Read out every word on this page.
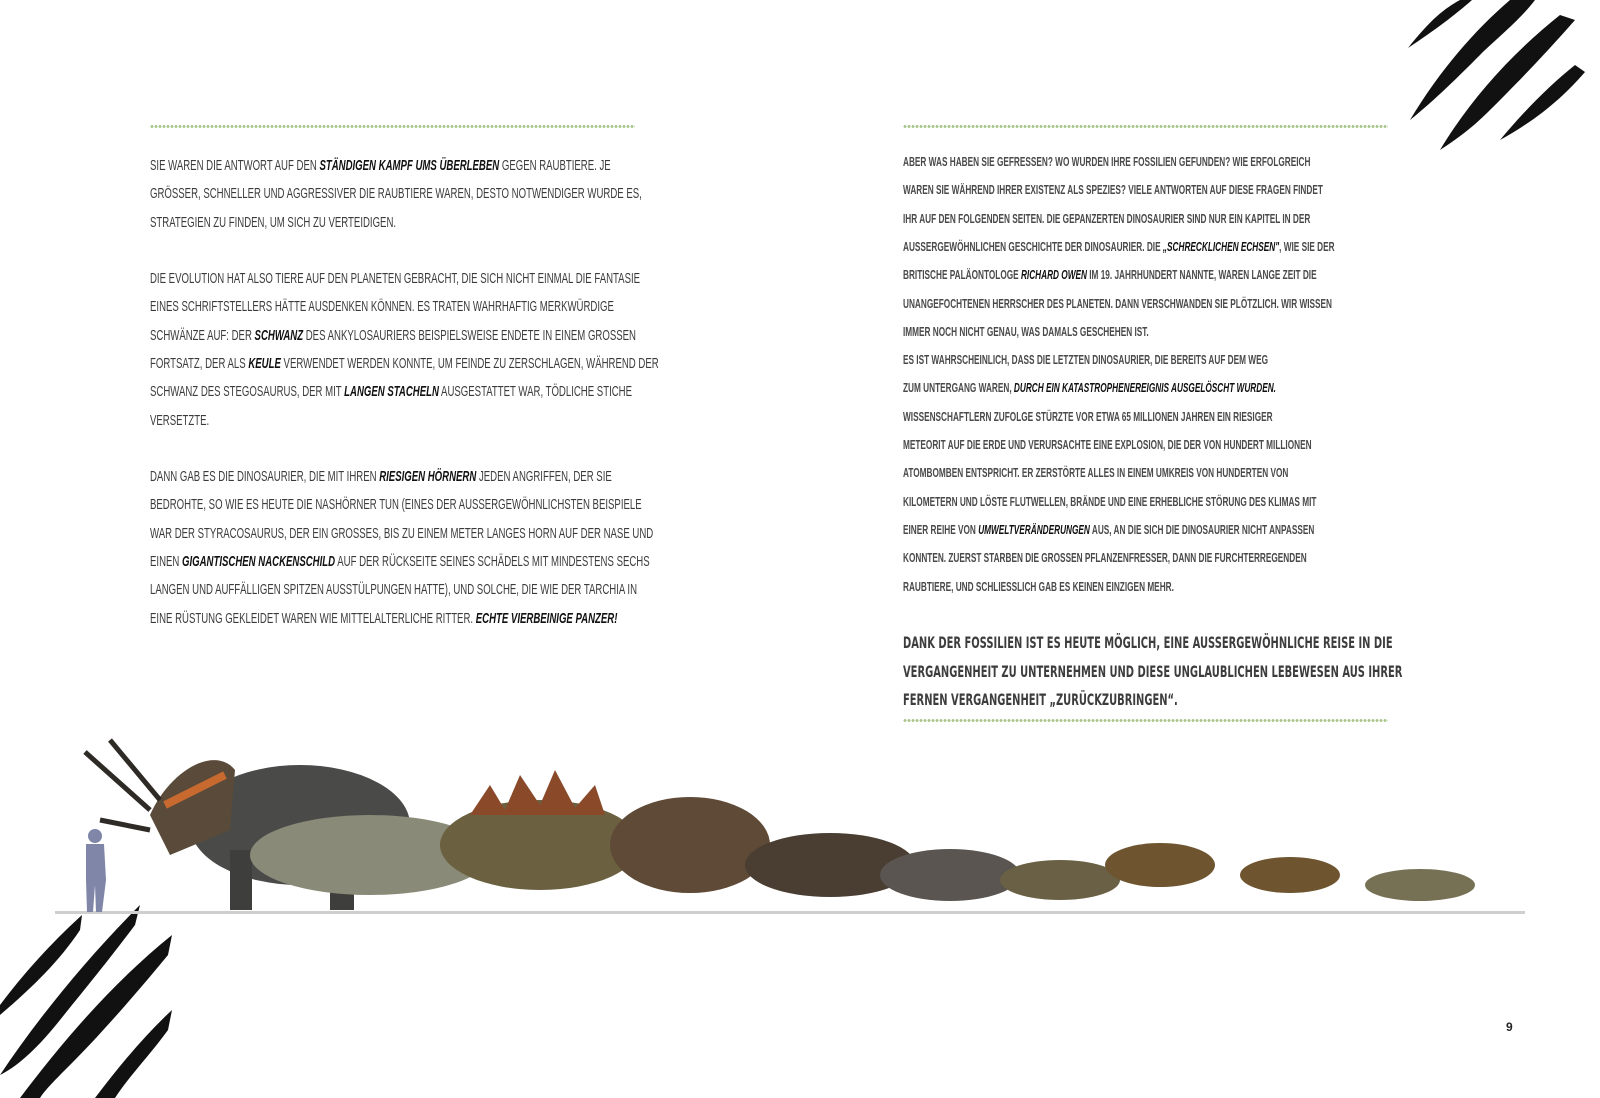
SIE WAREN DIE ANTWORT AUF DEN STÄNDIGEN KAMPF UMS ÜBERLEBEN GEGEN RAUBTIERE. JE
GRÖSSER, SCHNELLER UND AGGRESSIVER DIE RAUBTIERE WAREN, DESTO NOTWENDIGER WURDE ES,
STRATEGIEN ZU FINDEN, UM SICH ZU VERTEIDIGEN.
DIE EVOLUTION HAT ALSO TIERE AUF DEN PLANETEN GEBRACHT, DIE SICH NICHT EINMAL DIE FANTASIE
EINES SCHRIFTSTELLERS HÄTTE AUSDENKEN KÖNNEN. ES TRATEN WAHRHAFTIG MERKWÜRDIGE
SCHWÄNZE AUF: DER SCHWANZ DES ANKYLOSAURIERS BEISPIELSWEISE ENDETE IN EINEM GROSSEN
FORTSATZ, DER ALS KEULE VERWENDET WERDEN KONNTE, UM FEINDE ZU ZERSCHLAGEN, WÄHREND DER
SCHWANZ DES STEGOSAURUS, DER MIT LANGEN STACHELN AUSGESTATTET WAR, TÖDLICHE STICHE
VERSETZTE.
DANN GAB ES DIE DINOSAURIER, DIE MIT IHREN RIESIGEN HÖRNERN JEDEN ANGRIFFEN, DER SIE
BEDROHTE, SO WIE ES HEUTE DIE NASHÖRNER TUN (EINES DER AUSSERGEWÖHNLICHSTEN BEISPIELE
WAR DER STYRACOSAURUS, DER EIN GROSSES, BIS ZU EINEM METER LANGES HORN AUF DER NASE UND
EINEN GIGANTISCHEN NACKENSCHILD AUF DER RÜCKSEITE SEINES SCHÄDELS MIT MINDESTENS SECHS
LANGEN UND AUFFÄLLIGEN SPITZEN AUSSTÜLPUNGEN HATTE), UND SOLCHE, DIE WIE DER TARCHIA IN
EINE RÜSTUNG GEKLEIDET WAREN WIE MITTELALTERLICHE RITTER. ECHTE VIERBEINIGE PANZER!
ABER WAS HABEN SIE GEFRESSEN? WO WURDEN IHRE FOSSILIEN GEFUNDEN? WIE ERFOLGREICH
WAREN SIE WÄHREND IHRER EXISTENZ ALS SPEZIES? VIELE ANTWORTEN AUF DIESE FRAGEN FINDET
IHR AUF DEN FOLGENDEN SEITEN. DIE GEPANZERTEN DINOSAURIER SIND NUR EIN KAPITEL IN DER
AUSSERGEWÖHNLICHEN GESCHICHTE DER DINOSAURIER. DIE „SCHRECKLICHEN ECHSEN", WIE SIE DER
BRITISCHE PALÄONTOLOGE RICHARD OWEN IM 19. JAHRHUNDERT NANNTE, WAREN LANGE ZEIT DIE
UNANGEFOCHTENEN HERRSCHER DES PLANETEN. DANN VERSCHWANDEN SIE PLÖTZLICH. WIR WISSEN
IMMER NOCH NICHT GENAU, WAS DAMALS GESCHEHEN IST.
ES IST WAHRSCHEINLICH, DASS DIE LETZTEN DINOSAURIER, DIE BEREITS AUF DEM WEG
ZUM UNTERGANG WAREN, DURCH EIN KATASTROPHENEREIGNIS AUSGELÖSCHT WURDEN.
WISSENSCHAFTLERN ZUFOLGE STÜRZTE VOR ETWA 65 MILLIONEN JAHREN EIN RIESIGER
METEORIT AUF DIE ERDE UND VERURSACHTE EINE EXPLOSION, DIE DER VON HUNDERT MILLIONEN
ATOMBOMBEN ENTSPRICHT. ER ZERSTÖRTE ALLES IN EINEM UMKREIS VON HUNDERTEN VON
KILOMETERN UND LÖSTE FLUTWELLEN, BRÄNDE UND EINE ERHEBLICHE STÖRUNG DES KLIMAS MIT
EINER REIHE VON UMWELTVERÄNDERUNGEN AUS, AN DIE SICH DIE DINOSAURIER NICHT ANPASSEN
KONNTEN. ZUERST STARBEN DIE GROSSEN PFLANZENFRESSER, DANN DIE FURCHTERREGENDEN
RAUBTIERE, UND SCHLIESSLICH GAB ES KEINEN EINZIGEN MEHR.
DANK DER FOSSILIEN IST ES HEUTE MÖGLICH, EINE AUSSERGEWÖHNLICHE REISE IN DIE
VERGANGENHEIT ZU UNTERNEHMEN UND DIESE UNGLAUBLICHEN LEBEWESEN AUS IHRER
FERNEN VERGANGENHEIT „ZURÜCKZUBRINGEN“.
9
